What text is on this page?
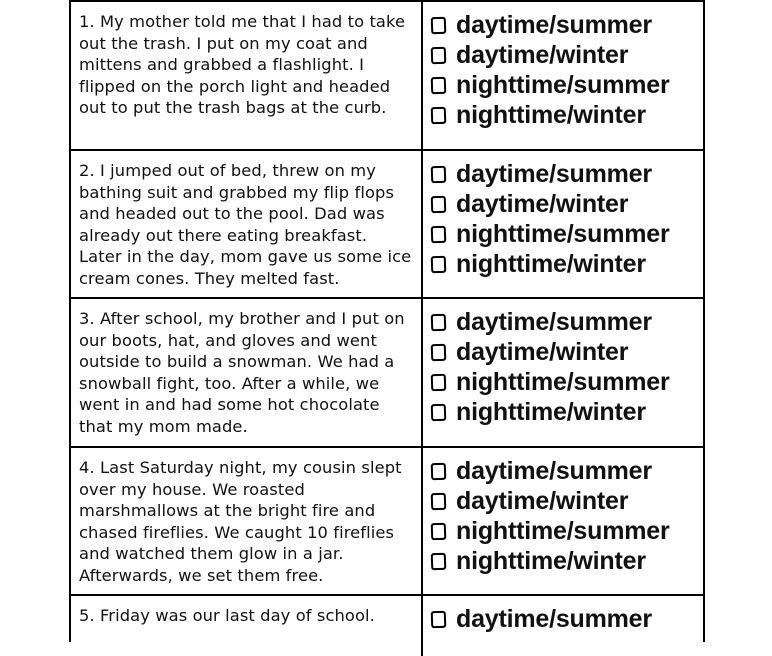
1. My mother told me that I had to take out the trash. I put on my coat and mittens and grabbed a flashlight. I flipped on the porch light and headed out to put the trash bags at the curb.
daytime/summer
daytime/winter
nighttime/summer
nighttime/winter
2. I jumped out of bed, threw on my bathing suit and grabbed my flip flops and headed out to the pool. Dad was already out there eating breakfast. Later in the day, mom gave us some ice cream cones. They melted fast.
daytime/summer
daytime/winter
nighttime/summer
nighttime/winter
3. After school, my brother and I put on our boots, hat, and gloves and went outside to build a snowman. We had a snowball fight, too. After a while, we went in and had some hot chocolate that my mom made.
daytime/summer
daytime/winter
nighttime/summer
nighttime/winter
4. Last Saturday night, my cousin slept over my house. We roasted marshmallows at the bright fire and chased fireflies. We caught 10 fireflies and watched them glow in a jar. Afterwards, we set them free.
daytime/summer
daytime/winter
nighttime/summer
nighttime/winter
5. Friday was our last day of school.	daytime/summer
